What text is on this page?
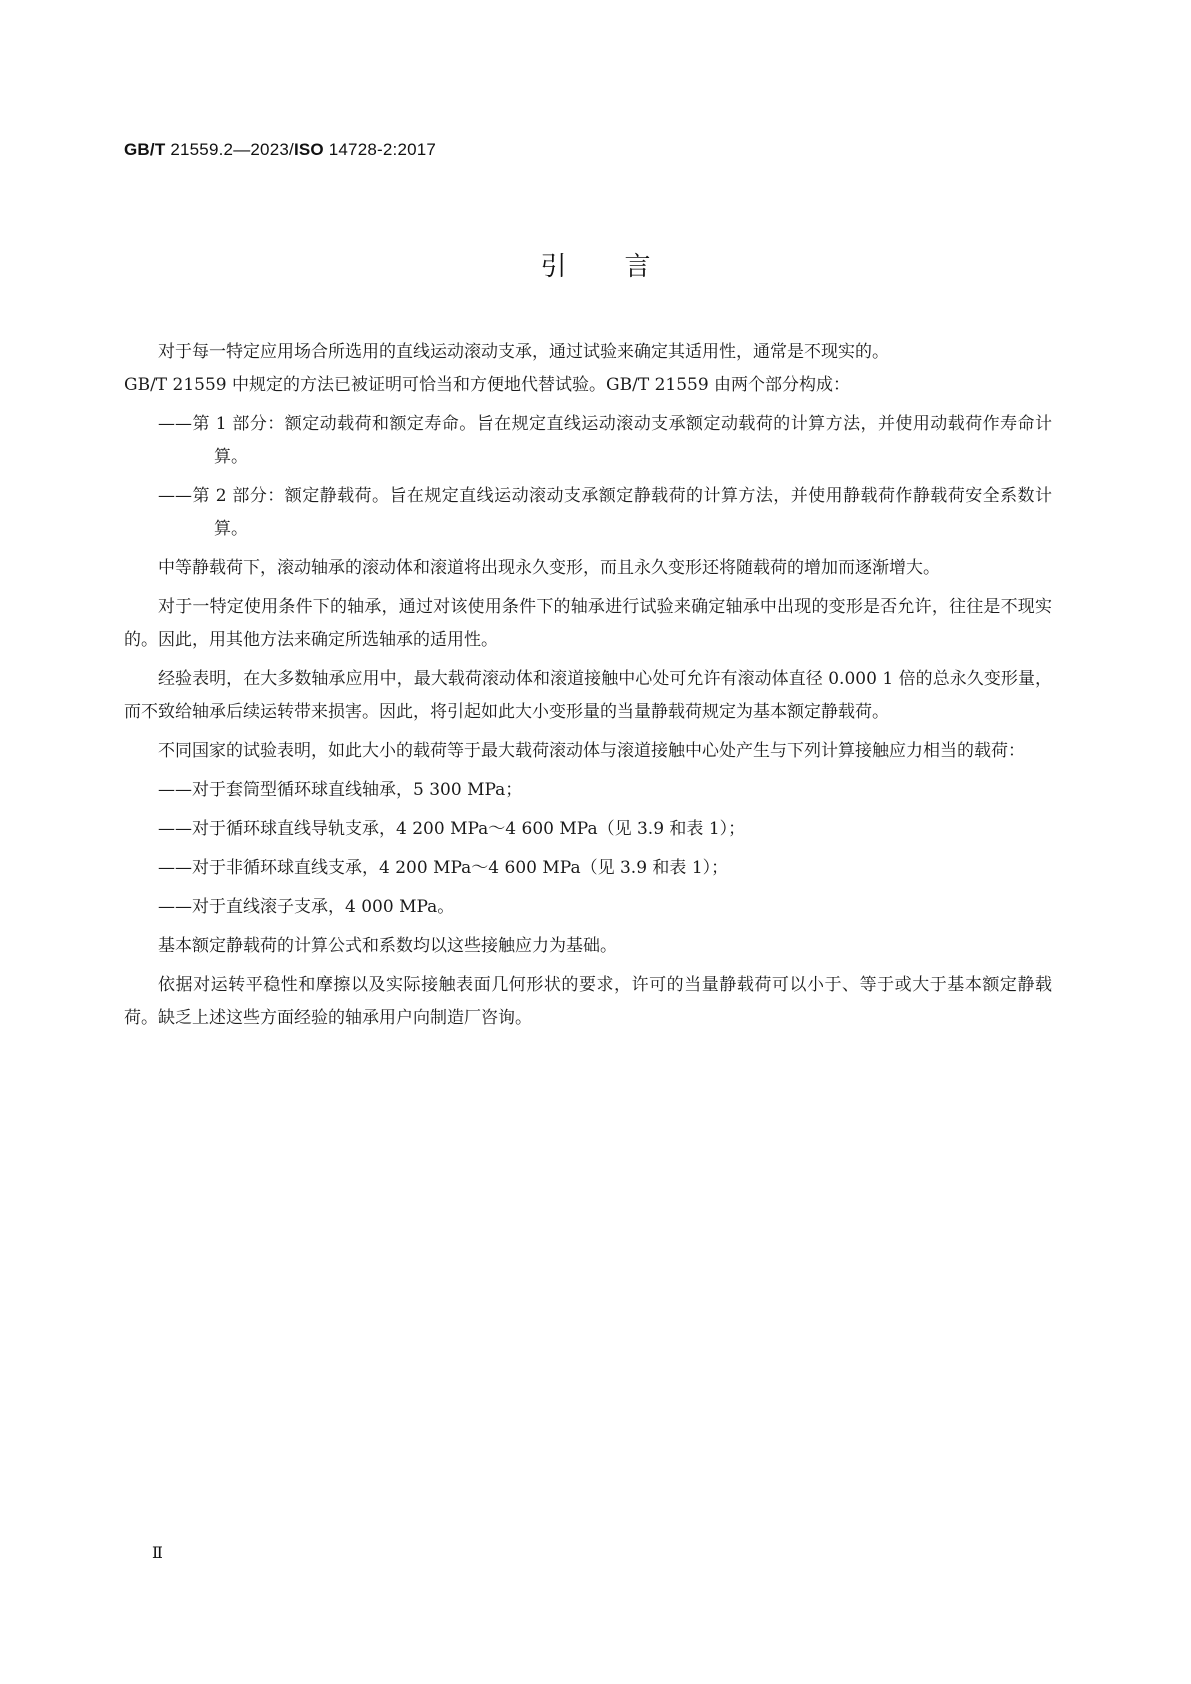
GB/T 21559.2—2023/ISO 14728-2:2017
引言

对于每一特定应用场合所选用的直线运动滚动支承，通过试验来确定其适用性，通常是不现实的。

GB/T 21559 中规定的方法已被证明可恰当和方便地代替试验。GB/T 21559 由两个部分构成：

——第 1 部分：额定动载荷和额定寿命。旨在规定直线运动滚动支承额定动载荷的计算方法，并使用动载荷作寿命计算。

——第 2 部分：额定静载荷。旨在规定直线运动滚动支承额定静载荷的计算方法，并使用静载荷作静载荷安全系数计算。

中等静载荷下，滚动轴承的滚动体和滚道将出现永久变形，而且永久变形还将随载荷的增加而逐渐增大。

对于一特定使用条件下的轴承，通过对该使用条件下的轴承进行试验来确定轴承中出现的变形是否允许，往往是不现实的。因此，用其他方法来确定所选轴承的适用性。

经验表明，在大多数轴承应用中，最大载荷滚动体和滚道接触中心处可允许有滚动体直径 0.000 1 倍的总永久变形量，而不致给轴承后续运转带来损害。因此，将引起如此大小变形量的当量静载荷规定为基本额定静载荷。

不同国家的试验表明，如此大小的载荷等于最大载荷滚动体与滚道接触中心处产生与下列计算接触应力相当的载荷：

——对于套筒型循环球直线轴承，5 300 MPa；

——对于循环球直线导轨支承，4 200 MPa～4 600 MPa（见 3.9 和表 1）；

——对于非循环球直线支承，4 200 MPa～4 600 MPa（见 3.9 和表 1）；

——对于直线滚子支承，4 000 MPa。

基本额定静载荷的计算公式和系数均以这些接触应力为基础。

依据对运转平稳性和摩擦以及实际接触表面几何形状的要求，许可的当量静载荷可以小于、等于或大于基本额定静载荷。缺乏上述这些方面经验的轴承用户向制造厂咨询。

Ⅱ
